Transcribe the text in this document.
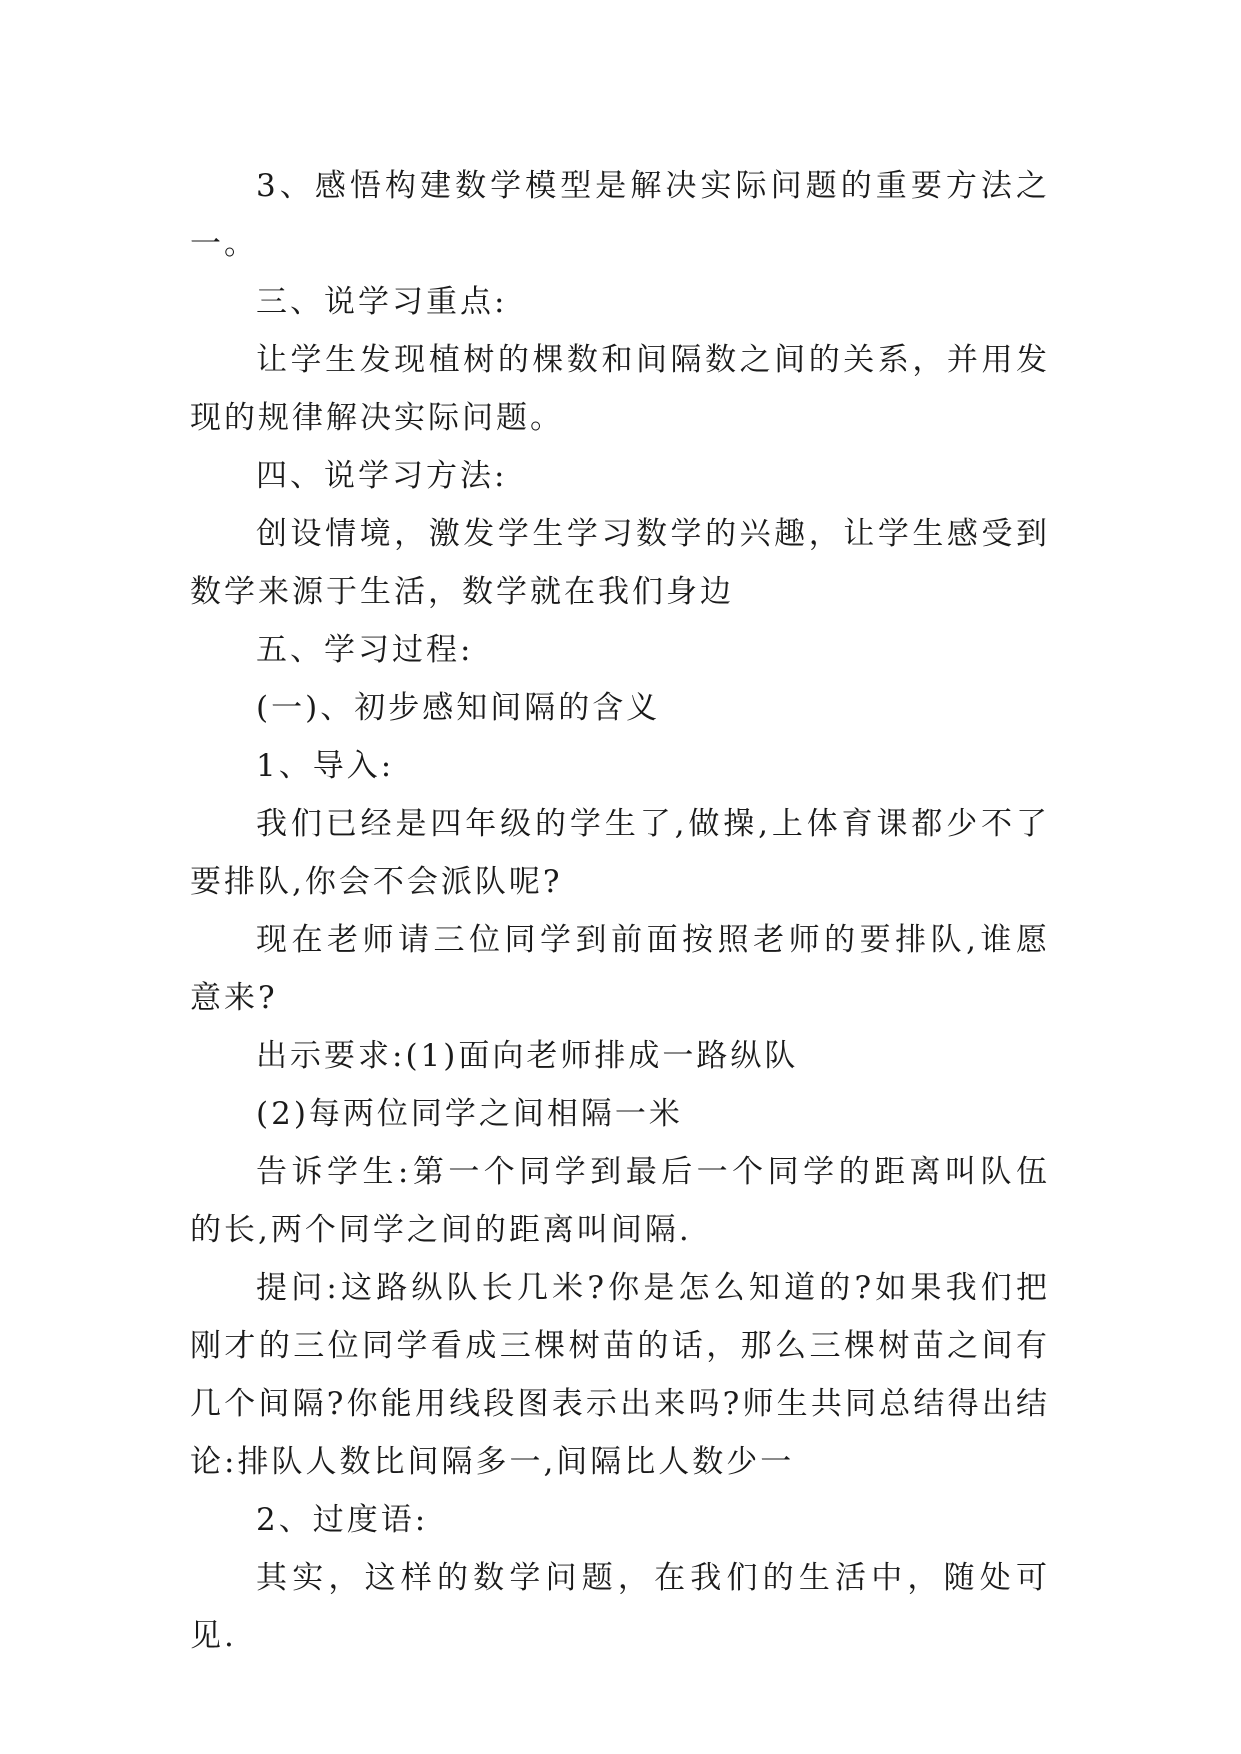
3、感悟构建数学模型是解决实际问题的重要方法之一。

三、说学习重点:

让学生发现植树的棵数和间隔数之间的关系，并用发现的规律解决实际问题。

四、说学习方法:

创设情境，激发学生学习数学的兴趣，让学生感受到数学来源于生活，数学就在我们身边

五、学习过程:

(一)、初步感知间隔的含义

1、导入:

我们已经是四年级的学生了,做操,上体育课都少不了要排队,你会不会派队呢?

现在老师请三位同学到前面按照老师的要排队,谁愿意来?

出示要求:(1)面向老师排成一路纵队

(2)每两位同学之间相隔一米

告诉学生:第一个同学到最后一个同学的距离叫队伍的长,两个同学之间的距离叫间隔.

提问:这路纵队长几米?你是怎么知道的?如果我们把刚才的三位同学看成三棵树苗的话，那么三棵树苗之间有几个间隔?你能用线段图表示出来吗?师生共同总结得出结论:排队人数比间隔多一,间隔比人数少一

2、过度语:

其实，这样的数学问题，在我们的生活中，随处可见.
